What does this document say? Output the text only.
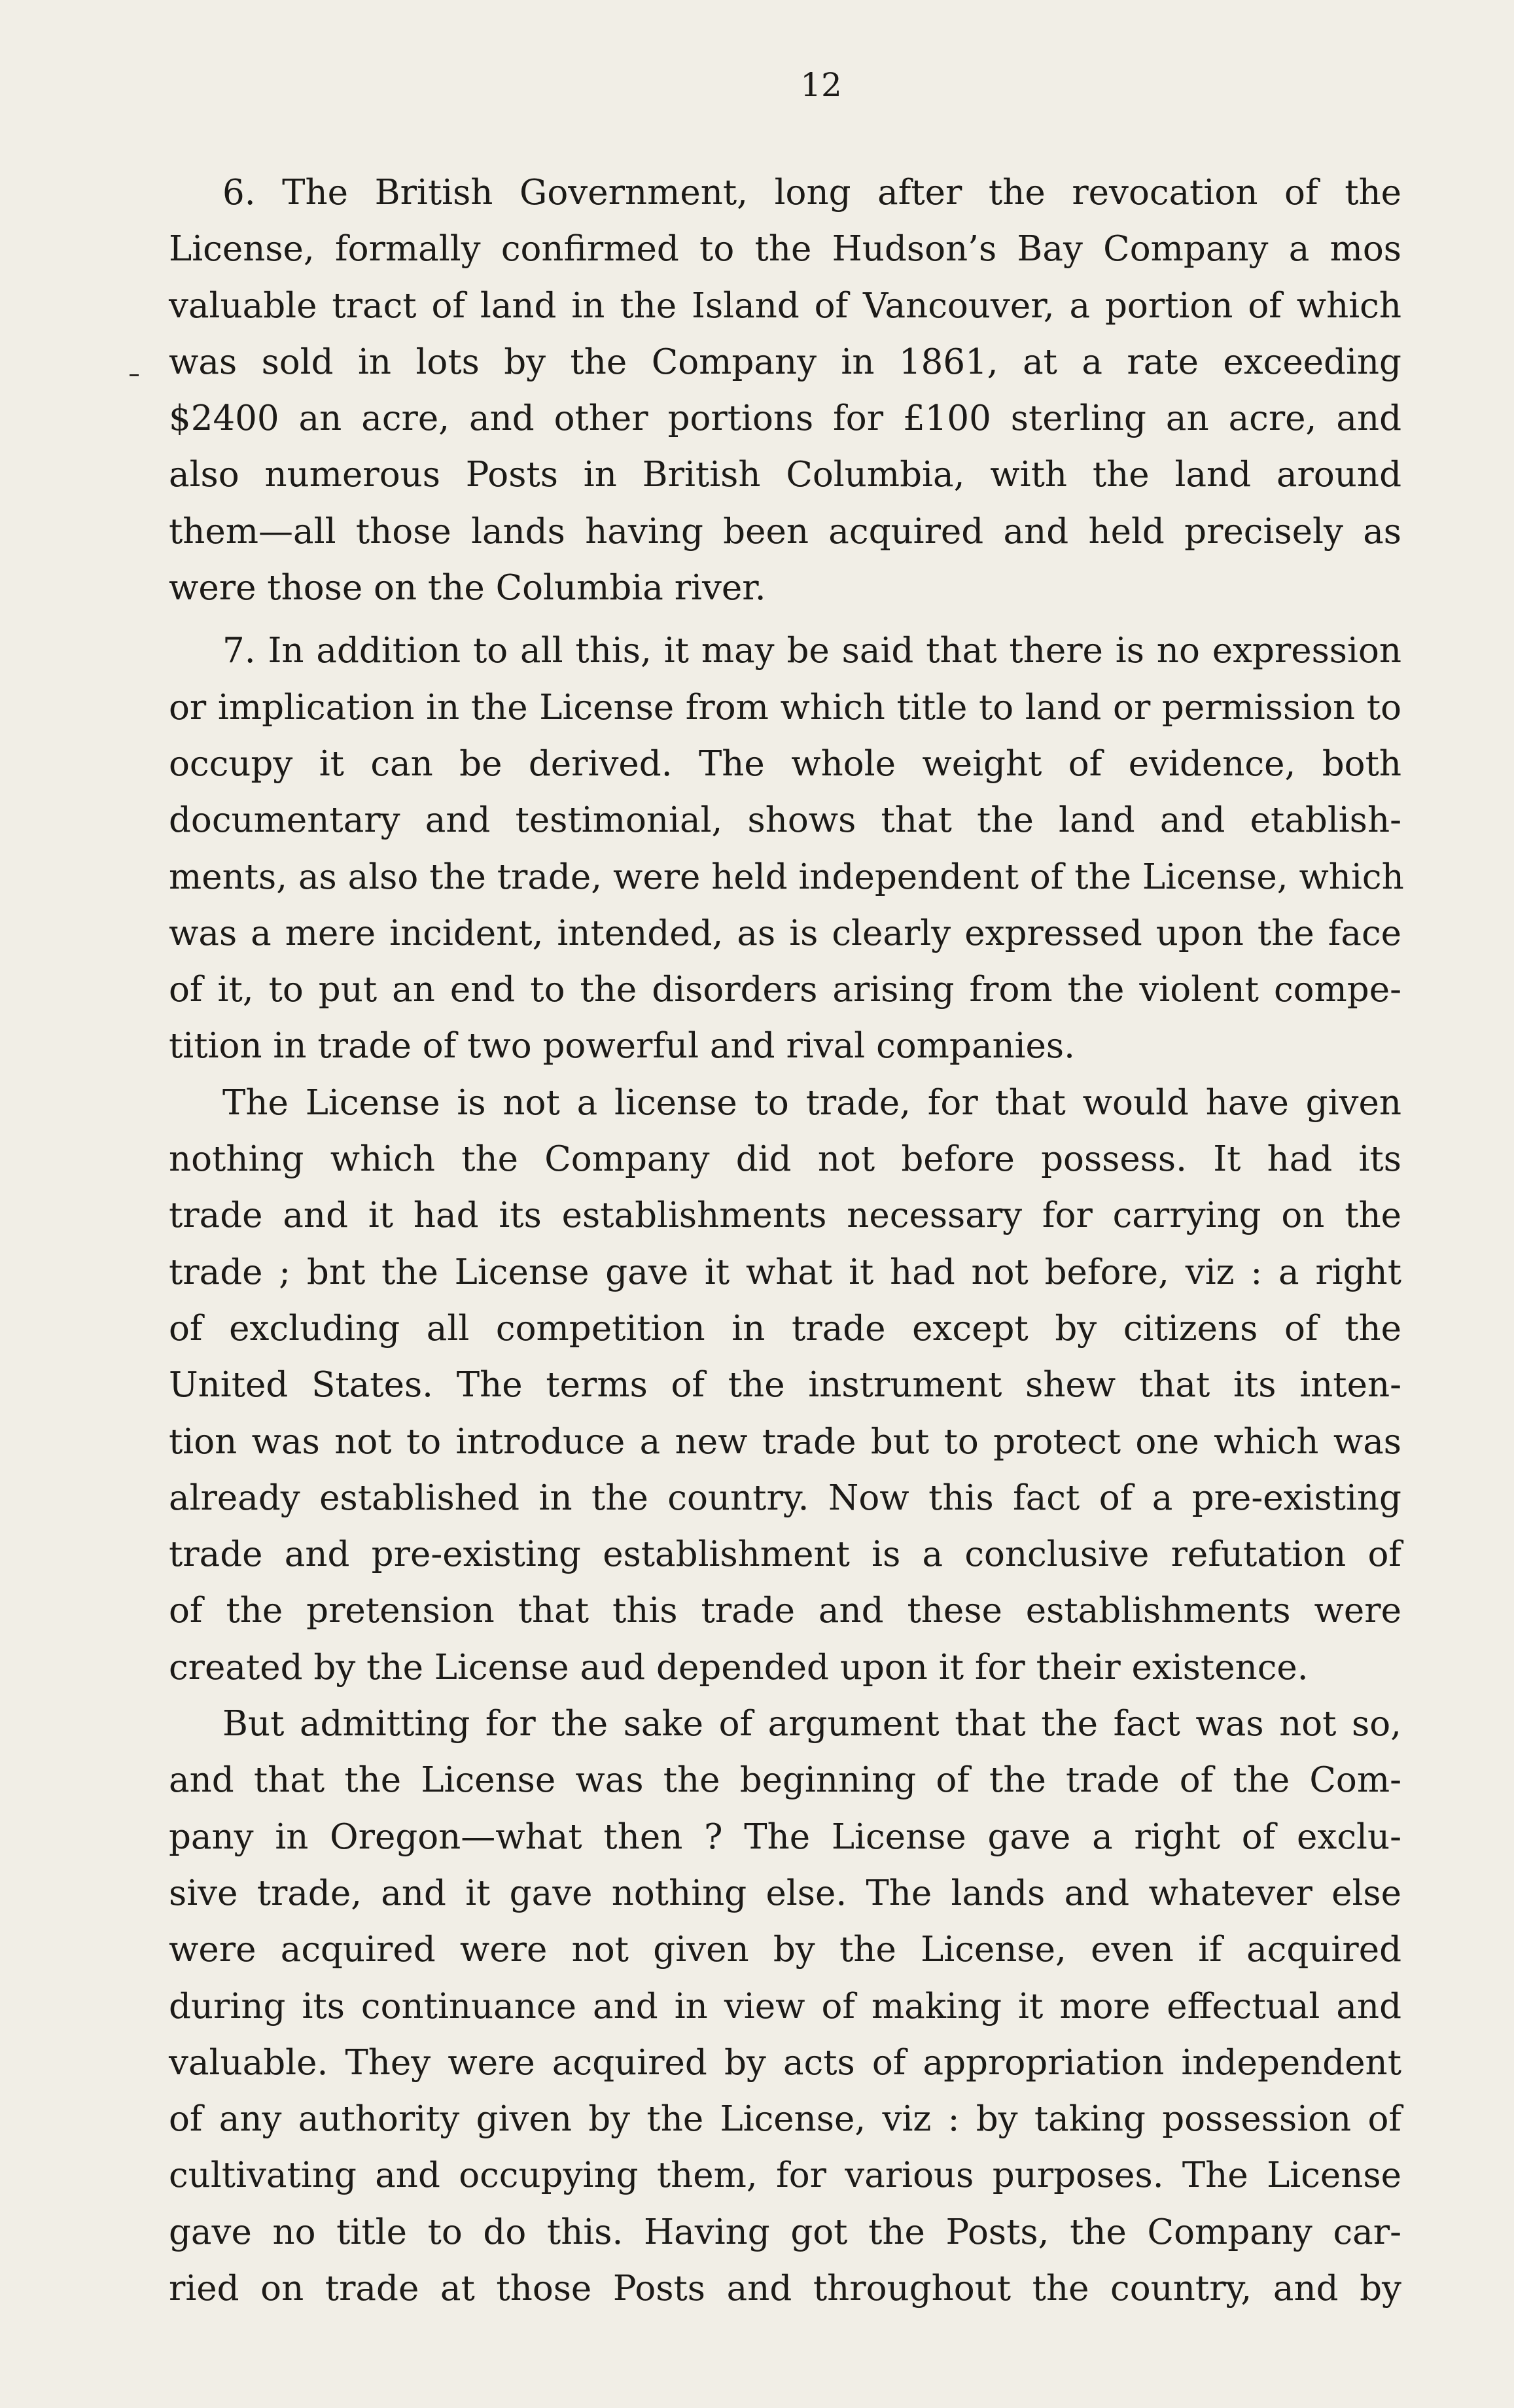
12

6. The British Government, long after the revocation of the
License, formally confirmed to the Hudson’s Bay Company a mos
valuable tract of land in the Island of Vancouver, a portion of which
was sold in lots by the Company in 1861, at a rate exceeding
$2400 an acre, and other portions for £100 sterling an acre, and
also numerous Posts in British Columbia, with the land around
them—all those lands having been acquired and held precisely as
were those on the Columbia river.

7. In addition to all this, it may be said that there is no expression
or implication in the License from which title to land or permission to
occupy it can be derived. The whole weight of evidence, both
documentary and testimonial, shows that the land and etablish-
ments, as also the trade, were held independent of the License, which
was a mere incident, intended, as is clearly expressed upon the face
of it, to put an end to the disorders arising from the violent compe-
tition in trade of two powerful and rival companies.

The License is not a license to trade, for that would have given
nothing which the Company did not before possess. It had its
trade and it had its establishments necessary for carrying on the
trade ; bnt the License gave it what it had not before, viz : a right
of excluding all competition in trade except by citizens of the
United States. The terms of the instrument shew that its inten-
tion was not to introduce a new trade but to protect one which was
already established in the country. Now this fact of a pre-existing
trade and pre-existing establishment is a conclusive refutation of
of the pretension that this trade and these establishments were
created by the License aud depended upon it for their existence.

But admitting for the sake of argument that the fact was not so,
and that the License was the beginning of the trade of the Com-
pany in Oregon—what then ? The License gave a right of exclu-
sive trade, and it gave nothing else. The lands and whatever else
were acquired were not given by the License, even if acquired
during its continuance and in view of making it more effectual and
valuable. They were acquired by acts of appropriation independent
of any authority given by the License, viz : by taking possession of
cultivating and occupying them, for various purposes. The License
gave no title to do this. Having got the Posts, the Company car-
ried on trade at those Posts and throughout the country, and by
